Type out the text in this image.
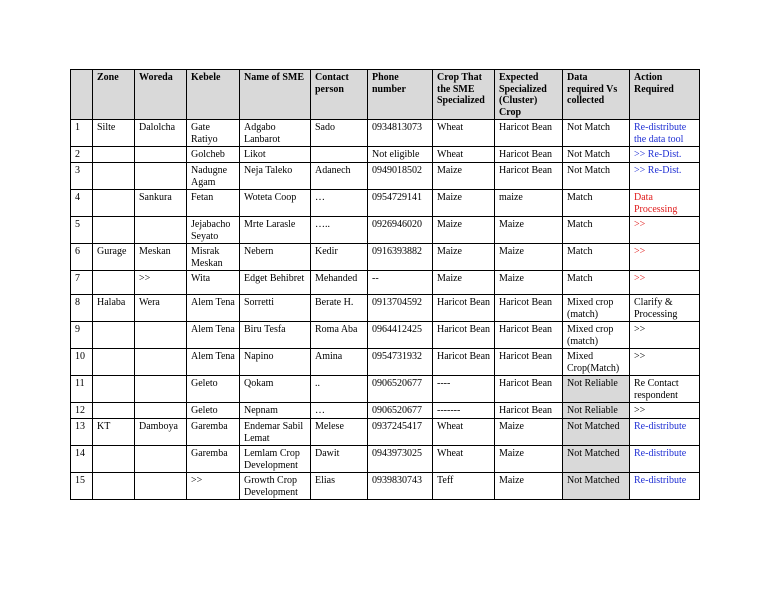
	Zone	Woreda	Kebele	Name of SME	Contact person	Phone number	Crop That the SME Specialized	Expected Specialized (Cluster) Crop	Data required Vs collected	Action Required
1	Silte	Dalolcha	Gate Ratiyo	Adgabo Lanbarot	Sado	0934813073	Wheat	Haricot Bean	Not Match	Re-distribute the data tool
2			Golcheb	Likot		Not eligible	Wheat	Haricot Bean	Not Match	>> Re-Dist.
3			Nadugne Agam	Neja Taleko	Adanech	0949018502	Maize	Haricot Bean	Not Match	>> Re-Dist.
4		Sankura	Fetan	Woteta Coop	…	0954729141	Maize	maize	Match	Data Processing
5			Jejabacho Seyato	Mrte Larasle	…..	0926946020	Maize	Maize	Match	>>
6	Gurage	Meskan	Misrak Meskan	Nebern	Kedir	0916393882	Maize	Maize	Match	>>
7		>>	Wita	Edget Behibret	Mehanded	--	Maize	Maize	Match	>>
8	Halaba	Wera	Alem Tena	Sorretti	Berate H.	0913704592	Haricot Bean	Haricot Bean	Mixed crop (match)	Clarify & Processing
9			Alem Tena	Biru Tesfa	Roma Aba	0964412425	Haricot Bean	Haricot Bean	Mixed crop (match)	>>
10			Alem Tena	Napino	Amina	0954731932	Haricot Bean	Haricot Bean	Mixed Crop(Match)	>>
11			Geleto	Qokam	..	0906520677	----	Haricot Bean	Not Reliable	Re Contact respondent
12			Geleto	Nepnam	…	0906520677	-------	Haricot Bean	Not Reliable	>>
13	KT	Damboya	Garemba	Endemar Sabil Lemat	Melese	0937245417	Wheat	Maize	Not Matched	Re-distribute
14			Garemba	Lemlam Crop Development	Dawit	0943973025	Wheat	Maize	Not Matched	Re-distribute
15			>>	Growth Crop Development	Elias	0939830743	Teff	Maize	Not Matched	Re-distribute
